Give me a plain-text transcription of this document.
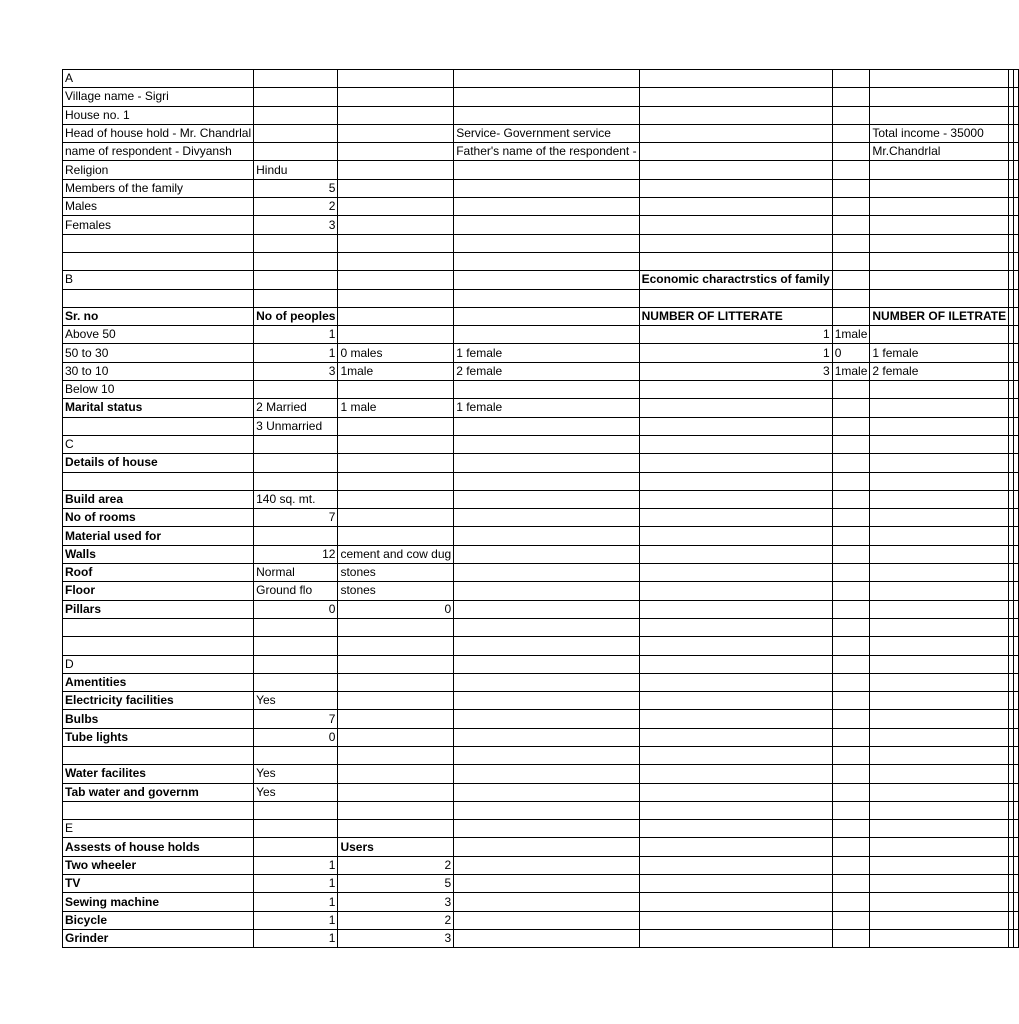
A								
Village name - Sigri								
House no. 1								
Head of house hold - Mr. Chandrlal			Service- Government service			Total income - 35000		
name of respondent - Divyansh			Father's name of the respondent -			Mr.Chandrlal		
Religion	Hindu							
Members of the family	5							
Males	2							
Females	3							

B				Economic charactrstics of family				

Sr. no	No of peoples			NUMBER OF LITTERATE		NUMBER OF ILETRATE		
Above 50	1			1	1male			
50 to 30	1	0 males	1 female	1	0	1 female		
30 to 10	3	1male	2 female	3	1male	2 female		
Below 10								
Marital status	2 Married	1 male	1 female					
	3 Unmarried							
C								
Details of house								

Build area	140 sq. mt.							
No of rooms	7							
Material used for								
Walls	12	cement and cow dug						
Roof	Normal	stones						
Floor	Ground flo	stones						
Pillars	0	0						

D								
Amentities								
Electricity facilities	Yes							
Bulbs	7							
Tube lights	0							

Water facilites	Yes							
Tab water and governm	Yes							

E								
Assests of house holds		Users						
Two wheeler	1	2						
TV	1	5						
Sewing machine	1	3						
Bicycle	1	2						
Grinder	1	3						
